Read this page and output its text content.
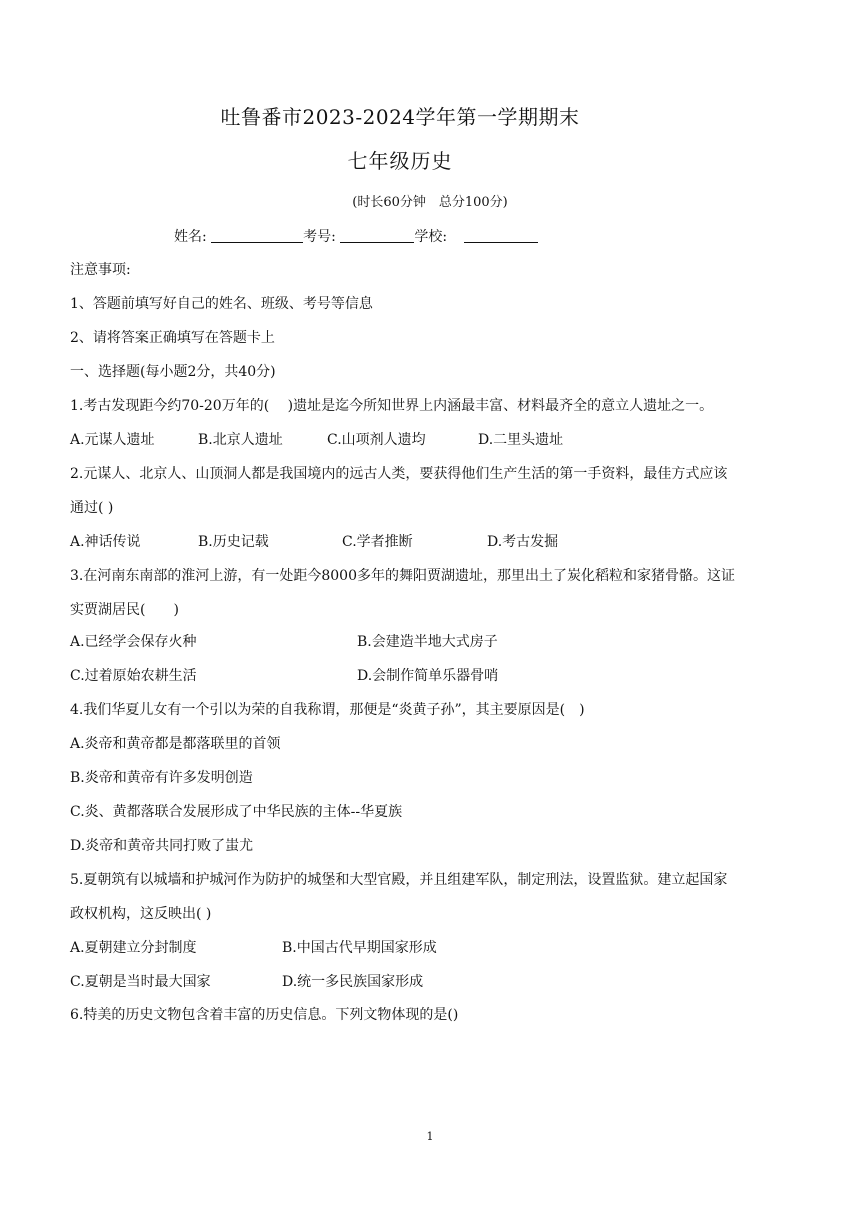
吐鲁番市2023-2024学年第一学期期末
七年级历史
(时长60分钟　总分100分)
姓名:	考号:	学校:
注意事项:
1、答题前填写好自己的姓名、班级、考号等信息
2、请将答案正确填写在答题卡上
一、选择题(每小题2分，共40分)
1.考古发现距今约70-20万年的(　 )遗址是迄今所知世界上内涵最丰富、材料最齐全的意立人遗址之一。
A.元谋人遗址	B.北京人遗址	C.山项剂人遗均	D.二里头遗址
2.元谋人、北京人、山顶洞人都是我国境内的远古人类，要获得他们生产生活的第一手资料，最佳方式应该
通过( )
A.神话传说	B.历史记载	C.学者推断	D.考古发掘
3.在河南东南部的淮河上游，有一处距今8000多年的舞阳贾湖遗址，那里出土了炭化稻粒和家猪骨骼。这证
实贾湖居民(　　)
A.已经学会保存火种	B.会建造半地大式房子
C.过着原始农耕生活	D.会制作简单乐器骨哨
4.我们华夏儿女有一个引以为荣的自我称谓，那便是“炎黄子孙”，其主要原因是(　)
A.炎帝和黄帝都是都落联里的首领
B.炎帝和黄帝有许多发明创造
C.炎、黄都落联合发展形成了中华民族的主体--华夏族
D.炎帝和黄帝共同打败了蚩尤
5.夏朝筑有以城墙和护城河作为防护的城堡和大型官殿，并且组建军队，制定刑法，设置监狱。建立起国家
政权机构，这反映出( )
A.夏朝建立分封制度	B.中国古代早期国家形成
C.夏朝是当时最大国家	D.统一多民族国家形成
6.特美的历史文物包含着丰富的历史信息。下列文物体现的是()
1
